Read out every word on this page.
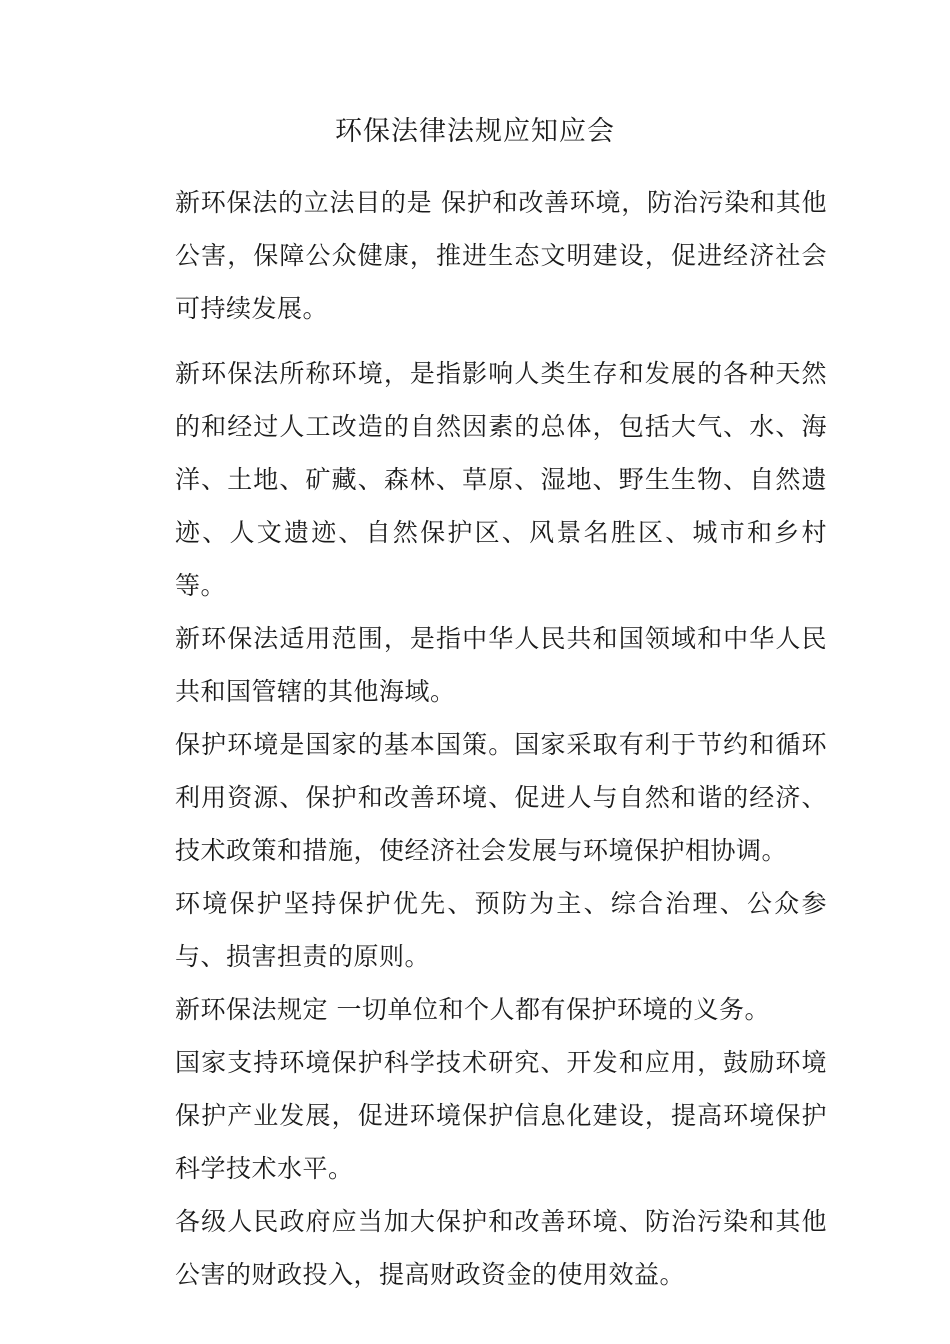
环保法律法规应知应会

新环保法的立法目的是 保护和改善环境，防治污染和其他公害，保障公众健康，推进生态文明建设，促进经济社会可持续发展。

新环保法所称环境，是指影响人类生存和发展的各种天然的和经过人工改造的自然因素的总体，包括大气、水、海洋、土地、矿藏、森林、草原、湿地、野生生物、自然遗迹、人文遗迹、自然保护区、风景名胜区、城市和乡村等。

新环保法适用范围，是指中华人民共和国领域和中华人民共和国管辖的其他海域。

保护环境是国家的基本国策。国家采取有利于节约和循环利用资源、保护和改善环境、促进人与自然和谐的经济、技术政策和措施，使经济社会发展与环境保护相协调。

环境保护坚持保护优先、预防为主、综合治理、公众参与、损害担责的原则。

新环保法规定 一切单位和个人都有保护环境的义务。

国家支持环境保护科学技术研究、开发和应用，鼓励环境保护产业发展，促进环境保护信息化建设，提高环境保护科学技术水平。

各级人民政府应当加大保护和改善环境、防治污染和其他公害的财政投入，提高财政资金的使用效益。
